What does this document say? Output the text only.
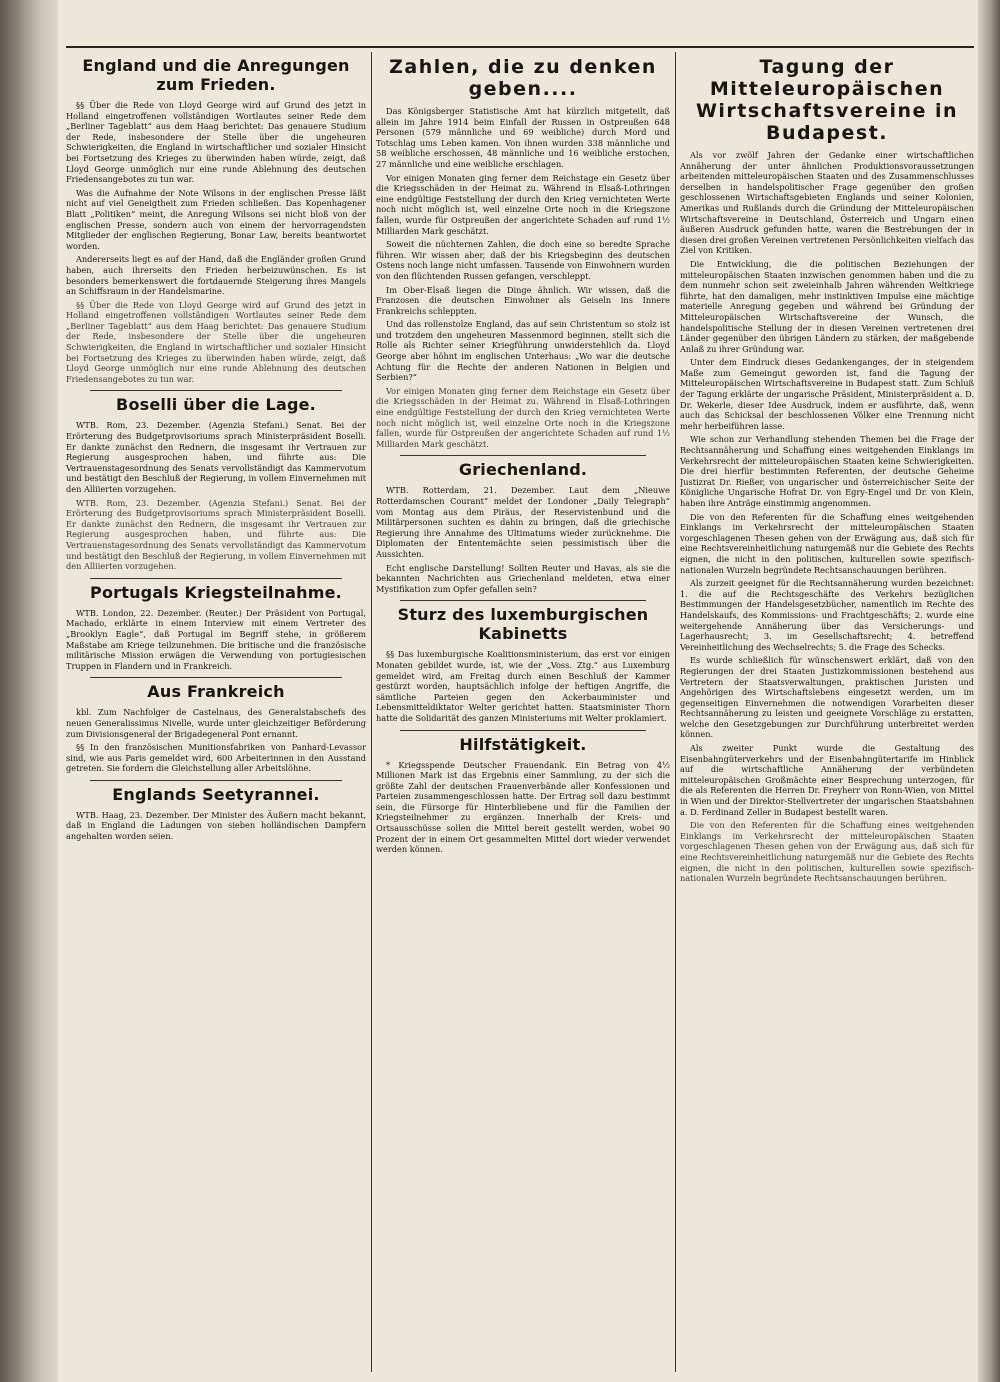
England und die Anregungen zum Frieden.

§§ Über die Rede von Lloyd George wird auf Grund des jetzt in Holland eingetroffenen vollständigen Wortlautes seiner Rede dem „Berliner Tageblatt“ aus dem Haag berichtet: Das genauere Studium der Rede, insbesondere der Stelle über die ungeheuren Schwierigkeiten, die England in wirtschaftlicher und sozialer Hinsicht bei Fortsetzung des Krieges zu überwinden haben würde, zeigt, daß Lloyd George unmöglich nur eine runde Ablehnung des deutschen Friedensangebotes zu tun war.

Was die Aufnahme der Note Wilsons in der englischen Presse läßt nicht auf viel Geneigtheit zum Frieden schließen. Das Kopenhagener Blatt „Politiken“ meint, die Anregung Wilsons sei nicht bloß von der englischen Presse, sondern auch von einem der hervorragendsten Mitglieder der englischen Regierung, Bonar Law, bereits beantwortet worden.

Andererseits liegt es auf der Hand, daß die Engländer großen Grund haben, auch ihrerseits den Frieden herbeizuwünschen. Es ist besonders bemerkenswert die fortdauernde Steigerung ihres Mangels an Schiffsraum in der Handelsmarine.

§§ Über die Rede von Lloyd George wird auf Grund des jetzt in Holland eingetroffenen vollständigen Wortlautes seiner Rede dem „Berliner Tageblatt“ aus dem Haag berichtet: Das genauere Studium der Rede, insbesondere der Stelle über die ungeheuren Schwierigkeiten, die England in wirtschaftlicher und sozialer Hinsicht bei Fortsetzung des Krieges zu überwinden haben würde, zeigt, daß Lloyd George unmöglich nur eine runde Ablehnung des deutschen Friedensangebotes zu tun war.

Boselli über die Lage.

WTB. Rom, 23. Dezember. (Agenzia Stefani.) Senat. Bei der Erörterung des Budgetprovisoriums sprach Ministerpräsident Boselli. Er dankte zunächst den Rednern, die insgesamt ihr Vertrauen zur Regierung ausgesprochen haben, und führte aus: Die Vertrauenstagesordnung des Senats vervollständigt das Kammervotum und bestätigt den Beschluß der Regierung, in vollem Einvernehmen mit den Alliierten vorzugehen.

WTB. Rom, 23. Dezember. (Agenzia Stefani.) Senat. Bei der Erörterung des Budgetprovisoriums sprach Ministerpräsident Boselli. Er dankte zunächst den Rednern, die insgesamt ihr Vertrauen zur Regierung ausgesprochen haben, und führte aus: Die Vertrauenstagesordnung des Senats vervollständigt das Kammervotum und bestätigt den Beschluß der Regierung, in vollem Einvernehmen mit den Alliierten vorzugehen.

Portugals Kriegsteilnahme.

WTB. London, 22. Dezember. (Reuter.) Der Präsident von Portugal, Machado, erklärte in einem Interview mit einem Vertreter des „Brooklyn Eagle“, daß Portugal im Begriff stehe, in größerem Maßstabe am Kriege teilzunehmen. Die britische und die französische militärische Mission erwägen die Verwendung von portugiesischen Truppen in Flandern und in Frankreich.

Aus Frankreich

kbl. Zum Nachfolger de Castelnaus, des Generalstabschefs des neuen Generalissimus Nivelle, wurde unter gleichzeitiger Beförderung zum Divisionsgeneral der Brigadegeneral Pont ernannt.

§§ In den französischen Munitionsfabriken von Panhard-Levassor sind, wie aus Paris gemeldet wird, 600 Arbeiterinnen in den Ausstand getreten. Sie fordern die Gleichstellung aller Arbeitslöhne.

Englands Seetyrannei.

WTB. Haag, 23. Dezember. Der Minister des Äußern macht bekannt, daß in England die Ladungen von sieben holländischen Dampfern angehalten worden seien.

Zahlen, die zu denken geben....

Das Königsberger Statistische Amt hat kürzlich mitgeteilt, daß allein im Jahre 1914 beim Einfall der Russen in Ostpreußen 648 Personen (579 männliche und 69 weibliche) durch Mord und Totschlag ums Leben kamen. Von ihnen wurden 338 männliche und 58 weibliche erschossen, 48 männliche und 16 weibliche erstochen, 27 männliche und eine weibliche erschlagen.

Vor einigen Monaten ging ferner dem Reichstage ein Gesetz über die Kriegsschäden in der Heimat zu. Während in Elsaß-Lothringen eine endgültige Feststellung der durch den Krieg vernichteten Werte noch nicht möglich ist, weil einzelne Orte noch in die Kriegszone fallen, wurde für Ostpreußen der angerichtete Schaden auf rund 1½ Milliarden Mark geschätzt.

Soweit die nüchternen Zahlen, die doch eine so beredte Sprache führen. Wir wissen aber, daß der bis Kriegsbeginn des deutschen Ostens noch lange nicht umfassen. Tausende von Einwohnern wurden von den flüchtenden Russen gefangen, verschleppt.

Im Ober-Elsaß liegen die Dinge ähnlich. Wir wissen, daß die Franzosen die deutschen Einwohner als Geiseln ins Innere Frankreichs schleppten.

Und das rollenstolze England, das auf sein Christentum so stolz ist und trotzdem den ungeheuren Massenmord beginnen, stellt sich die Rolle als Richter seiner Kriegführung unwiderstehlich da. Lloyd George aber höhnt im englischen Unterhaus: „Wo war die deutsche Achtung für die Rechte der anderen Nationen in Belgien und Serbien?“

Vor einigen Monaten ging ferner dem Reichstage ein Gesetz über die Kriegsschäden in der Heimat zu. Während in Elsaß-Lothringen eine endgültige Feststellung der durch den Krieg vernichteten Werte noch nicht möglich ist, weil einzelne Orte noch in die Kriegszone fallen, wurde für Ostpreußen der angerichtete Schaden auf rund 1½ Milliarden Mark geschätzt.

Griechenland.

WTB. Rotterdam, 21. Dezember. Laut dem „Nieuwe Rotterdamschen Courant“ meldet der Londoner „Daily Telegraph“ vom Montag aus dem Piräus, der Reservistenbund und die Militärpersonen suchten es dahin zu bringen, daß die griechische Regierung ihre Annahme des Ultimatums wieder zurücknehme. Die Diplomaten der Ententemächte seien pessimistisch über die Aussichten.

Echt englische Darstellung! Sollten Reuter und Havas, als sie die bekannten Nachrichten aus Griechenland meldeten, etwa einer Mystifikation zum Opfer gefallen sein?

Sturz des luxemburgischen Kabinetts

§§ Das luxemburgische Koalitionsministerium, das erst vor einigen Monaten gebildet wurde, ist, wie der „Voss. Ztg.“ aus Luxemburg gemeldet wird, am Freitag durch einen Beschluß der Kammer gestürzt worden, hauptsächlich infolge der heftigen Angriffe, die sämtliche Parteien gegen den Ackerbauminister und Lebensmitteldiktator Welter gerichtet hatten. Staatsminister Thorn hatte die Solidarität des ganzen Ministeriums mit Welter proklamiert.

Hilfstätigkeit.

* Kriegsspende Deutscher Frauendank. Ein Betrag von 4½ Millionen Mark ist das Ergebnis einer Sammlung, zu der sich die größte Zahl der deutschen Frauenverbände aller Konfessionen und Parteien zusammengeschlossen hatte. Der Ertrag soll dazu bestimmt sein, die Fürsorge für Hinterbliebene und für die Familien der Kriegsteilnehmer zu ergänzen. Innerhalb der Kreis- und Ortsausschüsse sollen die Mittel bereit gestellt werden, wobei 90 Prozent der in einem Ort gesammelten Mittel dort wieder verwendet werden können.

Tagung der Mitteleuropäischen Wirtschaftsvereine in Budapest.

Als vor zwölf Jahren der Gedanke einer wirtschaftlichen Annäherung der unter ähnlichen Produktionsvoraussetzungen arbeitenden mitteleuropäischen Staaten und des Zusammenschlusses derselben in handelspolitischer Frage gegenüber den großen geschlossenen Wirtschaftsgebieten Englands und seiner Kolonien, Amerikas und Rußlands durch die Gründung der Mitteleuropäischen Wirtschaftsvereine in Deutschland, Österreich und Ungarn einen äußeren Ausdruck gefunden hatte, waren die Bestrebungen der in diesen drei großen Vereinen vertretenen Persönlichkeiten vielfach das Ziel von Kritiken.

Die Entwicklung, die die politischen Beziehungen der mitteleuropäischen Staaten inzwischen genommen haben und die zu dem nunmehr schon seit zweieinhalb Jahren währenden Weltkriege führte, hat den damaligen, mehr instinktiven Impulse eine mächtige materielle Anregung gegeben und während bei Gründung der Mitteleuropäischen Wirtschaftsvereine der Wunsch, die handelspolitische Stellung der in diesen Vereinen vertretenen drei Länder gegenüber den übrigen Ländern zu stärken, der maßgebende Anlaß zu ihrer Gründung war.

Unter dem Eindruck dieses Gedankenganges, der in steigendem Maße zum Gemeingut geworden ist, fand die Tagung der Mitteleuropäischen Wirtschaftsvereine in Budapest statt. Zum Schluß der Tagung erklärte der ungarische Präsident, Ministerpräsident a. D. Dr. Wekerle, dieser Idee Ausdruck, indem er ausführte, daß, wenn auch das Schicksal der beschlossenen Völker eine Trennung nicht mehr herbeiführen lasse.

Wie schon zur Verhandlung stehenden Themen bei die Frage der Rechtsannäherung und Schaffung eines weitgehenden Einklangs im Verkehrsrecht der mitteleuropäischen Staaten keine Schwierigkeiten. Die drei hierfür bestimmten Referenten, der deutsche Geheime Justizrat Dr. Rießer, von ungarischer und österreichischer Seite der Königliche Ungarische Hofrat Dr. von Egry-Engel und Dr. von Klein, haben ihre Anträge einstimmig angenommen.

Die von den Referenten für die Schaffung eines weitgehenden Einklangs im Verkehrsrecht der mitteleuropäischen Staaten vorgeschlagenen Thesen gehen von der Erwägung aus, daß sich für eine Rechtsvereinheitlichung naturgemäß nur die Gebiete des Rechts eignen, die nicht in den politischen, kulturellen sowie spezifisch-nationalen Wurzeln begründete Rechtsanschauungen berühren.

Als zurzeit geeignet für die Rechtsannäherung wurden bezeichnet: 1. die auf die Rechtsgeschäfte des Verkehrs bezüglichen Bestimmungen der Handelsgesetzbücher, namentlich im Rechte des Handelskaufs, des Kommissions- und Frachtgeschäfts; 2. wurde eine weitergehende Annäherung über das Versicherungs- und Lagerhausrecht; 3. im Gesellschaftsrecht; 4. betreffend Vereinheitlichung des Wechselrechts; 5. die Frage des Schecks.

Es wurde schließlich für wünschenswert erklärt, daß von den Regierungen der drei Staaten Justizkommissionen bestehend aus Vertretern der Staatsverwaltungen, praktischen Juristen und Angehörigen des Wirtschaftslebens eingesetzt werden, um im gegenseitigen Einvernehmen die notwendigen Vorarbeiten dieser Rechtsannäherung zu leisten und geeignete Vorschläge zu erstatten, welche den Gesetzgebungen zur Durchführung unterbreitet werden können.

Als zweiter Punkt wurde die Gestaltung des Eisenbahngüterverkehrs und der Eisenbahngütertarife im Hinblick auf die wirtschaftliche Annäherung der verbündeten mitteleuropäischen Großmächte einer Besprechung unterzogen, für die als Referenten die Herren Dr. Freyherr von Ronn-Wien, von Mittel in Wien und der Direktor-Stellvertreter der ungarischen Staatsbahnen a. D. Ferdinand Zeller in Budapest bestellt waren.

Die von den Referenten für die Schaffung eines weitgehenden Einklangs im Verkehrsrecht der mitteleuropäischen Staaten vorgeschlagenen Thesen gehen von der Erwägung aus, daß sich für eine Rechtsvereinheitlichung naturgemäß nur die Gebiete des Rechts eignen, die nicht in den politischen, kulturellen sowie spezifisch-nationalen Wurzeln begründete Rechtsanschauungen berühren.
